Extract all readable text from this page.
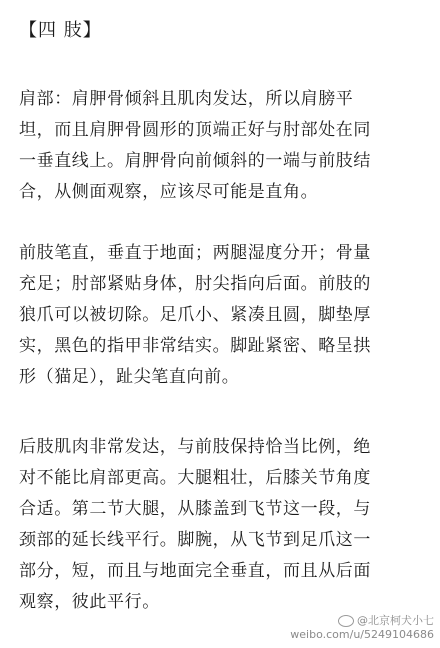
【四 肢】
肩部：肩胛骨倾斜且肌肉发达，所以肩膀平
坦，而且肩胛骨圆形的顶端正好与肘部处在同
一垂直线上。肩胛骨向前倾斜的一端与前肢结
合，从侧面观察，应该尽可能是直角。
前肢笔直，垂直于地面；两腿湿度分开；骨量
充足；肘部紧贴身体，肘尖指向后面。前肢的
狼爪可以被切除。足爪小、紧凑且圆，脚垫厚
实，黑色的指甲非常结实。脚趾紧密、略呈拱
形（猫足），趾尖笔直向前。
后肢肌肉非常发达，与前肢保持恰当比例，绝
对不能比肩部更高。大腿粗壮，后膝关节角度
合适。第二节大腿，从膝盖到飞节这一段，与
颈部的延长线平行。脚腕，从飞节到足爪这一
部分，短，而且与地面完全垂直，而且从后面
观察，彼此平行。
@北京柯犬小七
weibo.com/u/5249104686
